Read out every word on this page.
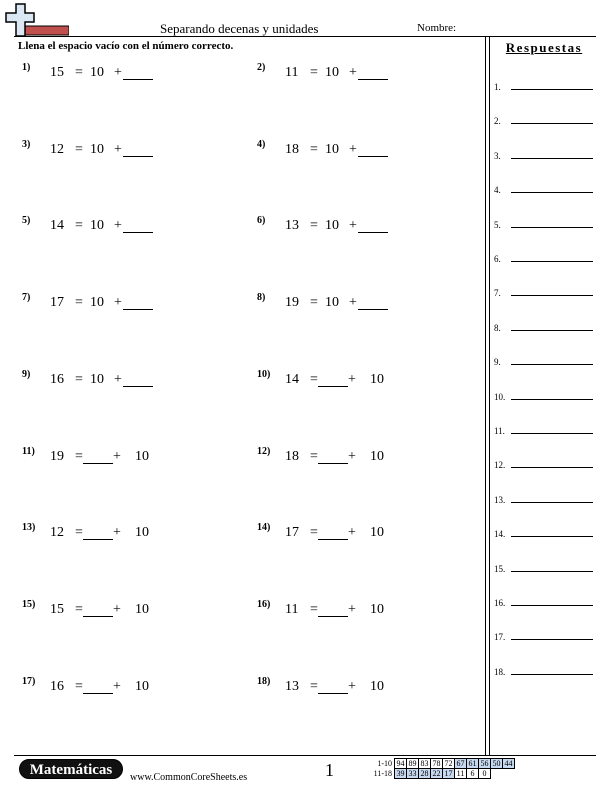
Separando decenas y unidades	Nombre:
Llena el espacio vacío con el número correcto.	Respuestas
1.
2.
3.
4.
5.
6.
7.
8.
9.
10.
11.
12.
13.
14.
15.
16.
17.
18.
1) 15 = 10 +	2) 11 = 10 +
3) 12 = 10 +	4) 18 = 10 +
5) 14 = 10 +	6) 13 = 10 +
7) 17 = 10 +	8) 19 = 10 +
9) 16 = 10 +	10) 14 = + 10
11) 19 = + 10	12) 18 = + 10
13) 12 = + 10	14) 17 = + 10
15) 15 = + 10	16) 11 = + 10
17) 16 = + 10	18) 13 = + 10
Matemáticas	www.CommonCoreSheets.es	1	1-10	94	89	83	78	72	67	61	56	50	44
11-18	39	33	28	22	17	11	6	0		
